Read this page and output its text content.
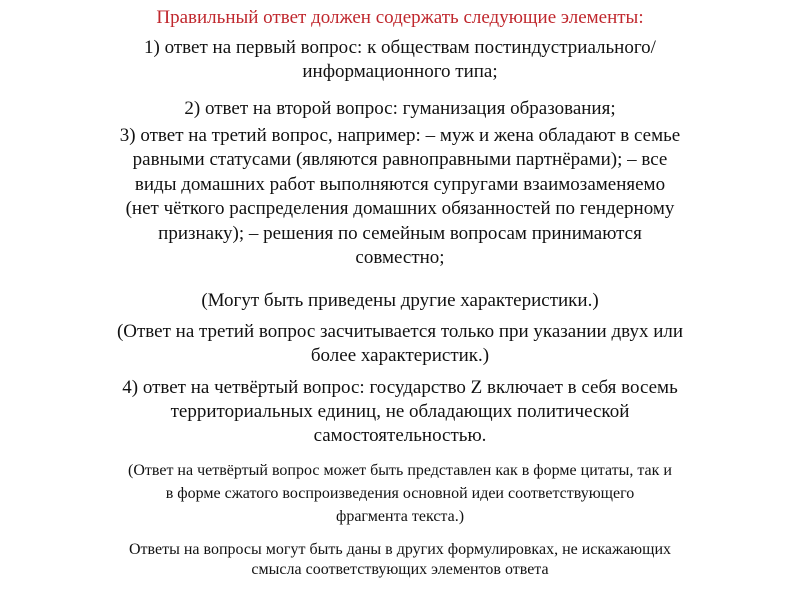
Правильный ответ должен содержать следующие элементы:

1) ответ на первый вопрос: к обществам постиндустриального/
информационного типа;

2) ответ на второй вопрос: гуманизация образования;

3) ответ на третий вопрос, например: – муж и жена обладают в семье
равными статусами (являются равноправными партнёрами); – все
виды домашних работ выполняются супругами взаимозаменяемо
(нет чёткого распределения домашних обязанностей по гендерному
признаку); – решения по семейным вопросам принимаются
совместно;

(Могут быть приведены другие характеристики.)

(Ответ на третий вопрос засчитывается только при указании двух или
более характеристик.)

4) ответ на четвёртый вопрос: государство Z включает в себя восемь
территориальных единиц, не обладающих политической
самостоятельностью.

(Ответ на четвёртый вопрос может быть представлен как в форме цитаты, так и
в форме сжатого воспроизведения основной идеи соответствующего
фрагмента текста.)

Ответы на вопросы могут быть даны в других формулировках, не искажающих
смысла соответствующих элементов ответа
